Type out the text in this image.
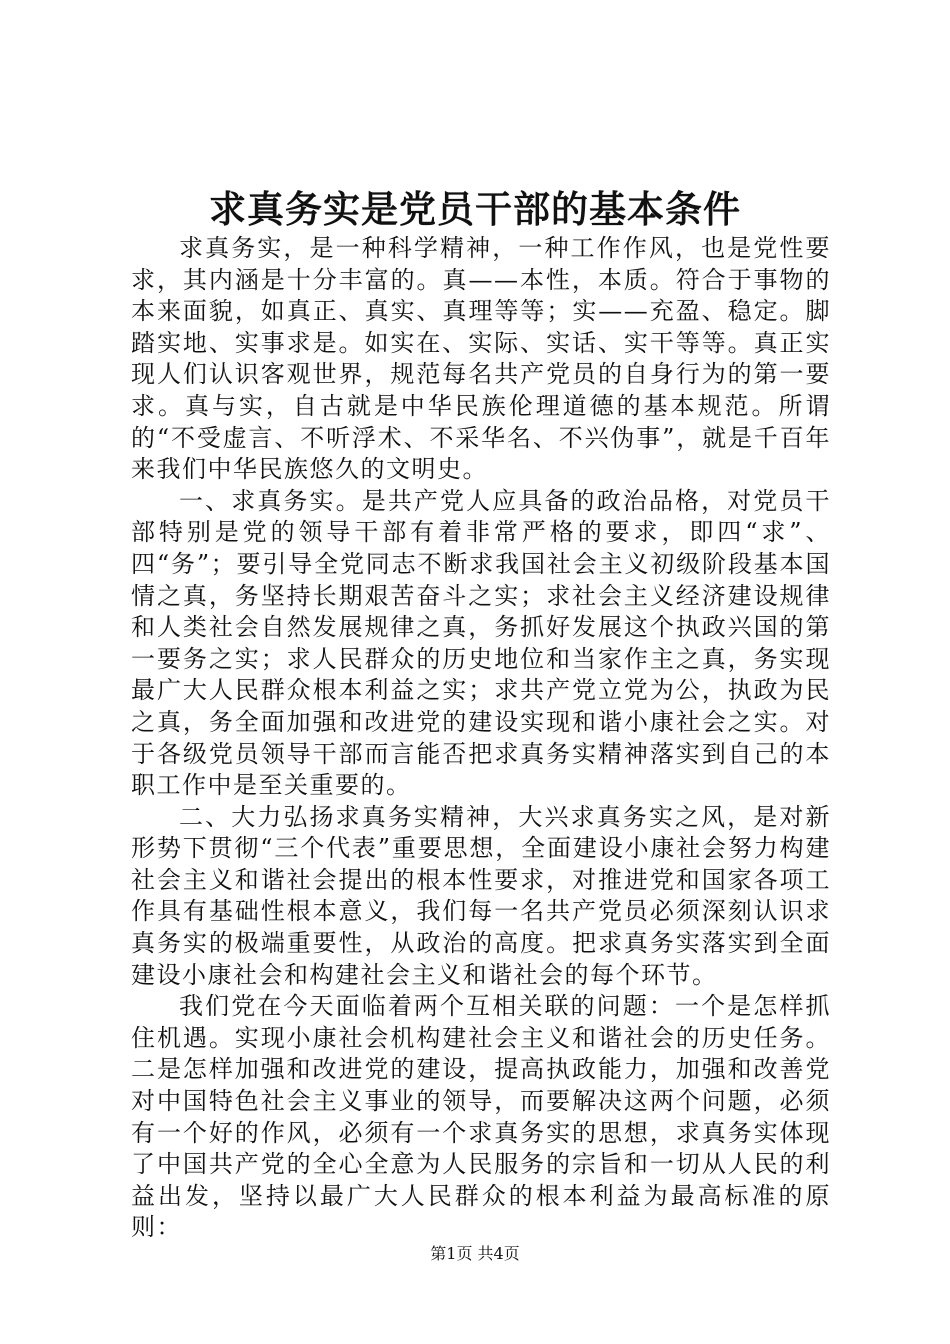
求真务实是党员干部的基本条件

求真务实，是一种科学精神，一种工作作风，也是党性要求，其内涵是十分丰富的。真——本性，本质。符合于事物的本来面貌，如真正、真实、真理等等；实——充盈、稳定。脚踏实地、实事求是。如实在、实际、实话、实干等等。真正实现人们认识客观世界，规范每名共产党员的自身行为的第一要求。真与实，自古就是中华民族伦理道德的基本规范。所谓的“不受虚言、不听浮术、不采华名、不兴伪事”，就是千百年来我们中华民族悠久的文明史。

一、求真务实。是共产党人应具备的政治品格，对党员干部特别是党的领导干部有着非常严格的要求，即四“求”、四“务”；要引导全党同志不断求我国社会主义初级阶段基本国情之真，务坚持长期艰苦奋斗之实；求社会主义经济建设规律和人类社会自然发展规律之真，务抓好发展这个执政兴国的第一要务之实；求人民群众的历史地位和当家作主之真，务实现最广大人民群众根本利益之实；求共产党立党为公，执政为民之真，务全面加强和改进党的建设实现和谐小康社会之实。对于各级党员领导干部而言能否把求真务实精神落实到自己的本职工作中是至关重要的。

二、大力弘扬求真务实精神，大兴求真务实之风，是对新形势下贯彻“三个代表”重要思想，全面建设小康社会努力构建社会主义和谐社会提出的根本性要求，对推进党和国家各项工作具有基础性根本意义，我们每一名共产党员必须深刻认识求真务实的极端重要性，从政治的高度。把求真务实落实到全面建设小康社会和构建社会主义和谐社会的每个环节。

我们党在今天面临着两个互相关联的问题：一个是怎样抓住机遇。实现小康社会机构建社会主义和谐社会的历史任务。二是怎样加强和改进党的建设，提高执政能力，加强和改善党对中国特色社会主义事业的领导，而要解决这两个问题，必须有一个好的作风，必须有一个求真务实的思想，求真务实体现了中国共产党的全心全意为人民服务的宗旨和一切从人民的利益出发，坚持以最广大人民群众的根本利益为最高标准的原则：

第1页 共4页
